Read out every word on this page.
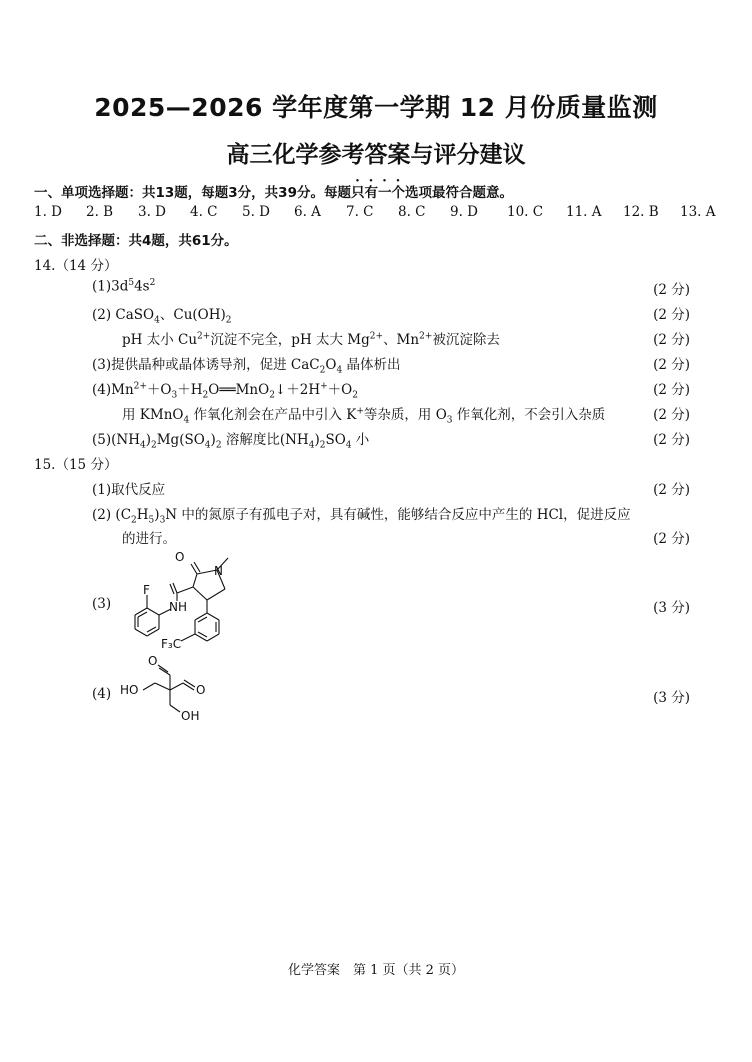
2025—2026 学年度第一学期 12 月份质量监测
高三化学参考答案与评分建议
一、单项选择题：共13题，每题3分，共39分。每题只有一个选项最符合题意。
1. D 2. B 3. D 4. C 5. D 6. A 7. C 8. C 9. D 10. C 11. A 12. B 13. A
二、非选择题：共4题，共61分。
14.（14 分）
$(1)3d^54s^2$	(2 分)
(2) CaSO$_4$、$Cu(OH)_2$	(2 分)
pH 太小 $Cu^{2+}$沉淀不完全，pH 太大 $Mg^{2+}$、$Mn^{2+}$被沉淀除去	(2 分)
(3)提供晶种或晶体诱导剂，促进 $CaC_2O_4$ 晶体析出	(2 分)
$(4)Mn^{2+}+O_3+H_2O══MnO_2↓+2H^++O_2$	(2 分)
用 KMnO$_4$ 作氧化剂会在产品中引入 K+等杂质，用 $O_3$ 作氧化剂，不会引入杂质	(2 分)
$(5)(NH_4)_2Mg(SO_4)_2$ 溶解度比$(NH_4)_2SO_4$ 小	(2 分)
15.（15 分）
(1)取代反应	(2 分)
(2) $(C_2H_5)_3N$ 中的氮原子有孤电子对，具有碱性，能够结合反应中产生的 HCl，促进反应
的进行。	(2 分)
(3)	(3 分)
O
N
F
NH
F₃C
(4)	(3 分)
HO
O
O
OH
化学答案　第 1 页（共 2 页）
